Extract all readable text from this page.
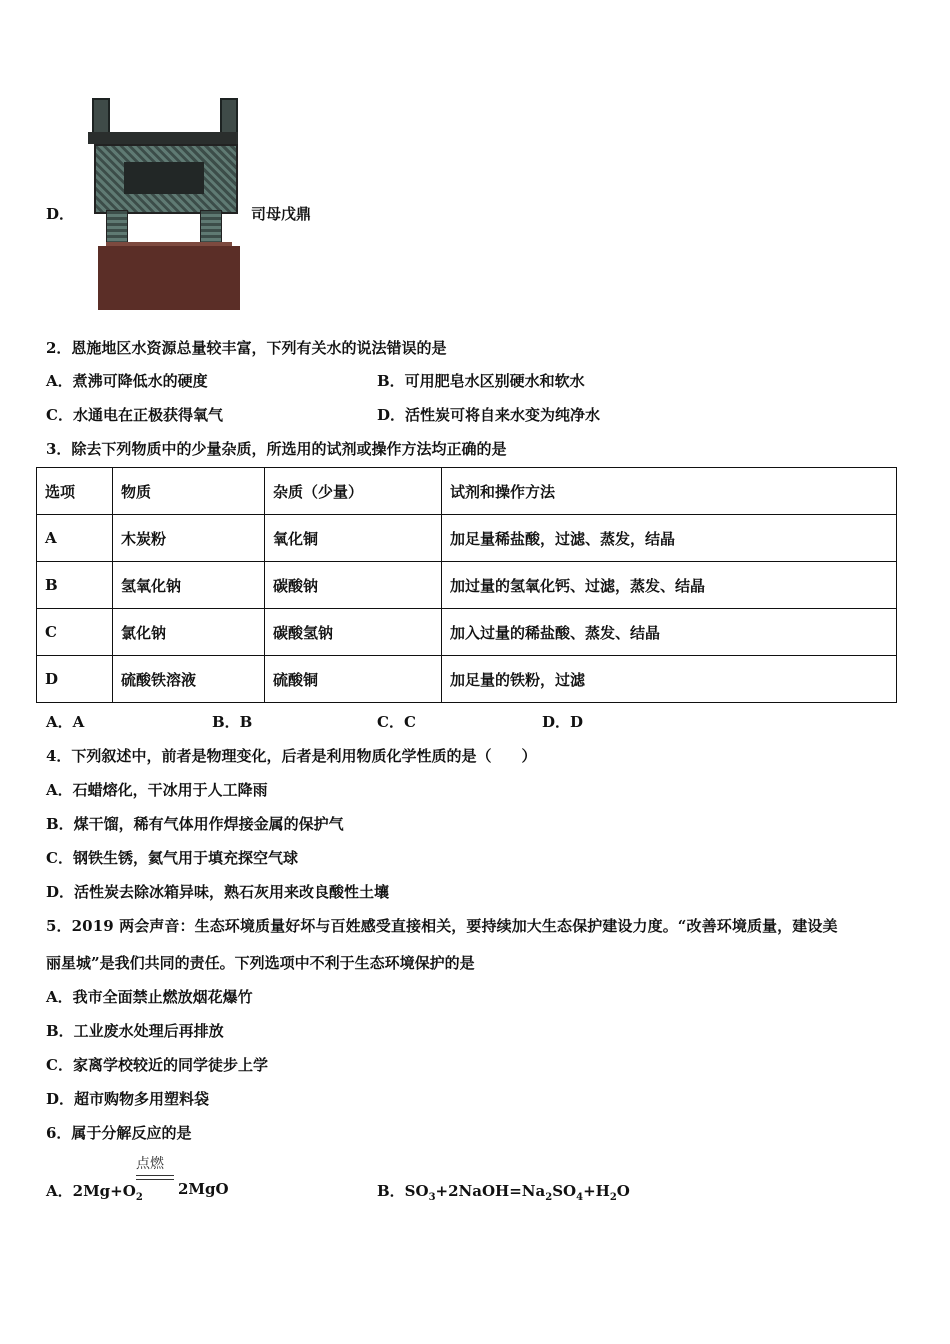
D．	司母戊鼎
2．恩施地区水资源总量较丰富，下列有关水的说法错误的是
A．煮沸可降低水的硬度	B．可用肥皂水区别硬水和软水
C．水通电在正极获得氧气	D．活性炭可将自来水变为纯净水
3．除去下列物质中的少量杂质，所选用的试剂或操作方法均正确的是
选项	物质	杂质（少量）	试剂和操作方法
A	木炭粉	氧化铜	加足量稀盐酸，过滤、蒸发，结晶
B	氢氧化钠	碳酸钠	加过量的氢氧化钙、过滤，蒸发、结晶
C	氯化钠	碳酸氢钠	加入过量的稀盐酸、蒸发、结晶
D	硫酸铁溶液	硫酸铜	加足量的铁粉，过滤
A．A	B．B	C．C	D．D
4．下列叙述中，前者是物理变化，后者是利用物质化学性质的是（　　）
A．石蜡熔化，干冰用于人工降雨
B．煤干馏，稀有气体用作焊接金属的保护气
C．钢铁生锈，氦气用于填充探空气球
D．活性炭去除冰箱异味，熟石灰用来改良酸性土壤
5．2019 两会声音：生态环境质量好坏与百姓感受直接相关，要持续加大生态保护建设力度。“改善环境质量，建设美
丽星城”是我们共同的责任。下列选项中不利于生态环境保护的是
A．我市全面禁止燃放烟花爆竹
B．工业废水处理后再排放
C．家离学校较近的同学徒步上学
D．超市购物多用塑料袋
6．属于分解反应的是
A．$2Mg+O_2$
点燃
2MgO	B．$SO_3+2NaOH=Na_2SO_4+H_2O$
